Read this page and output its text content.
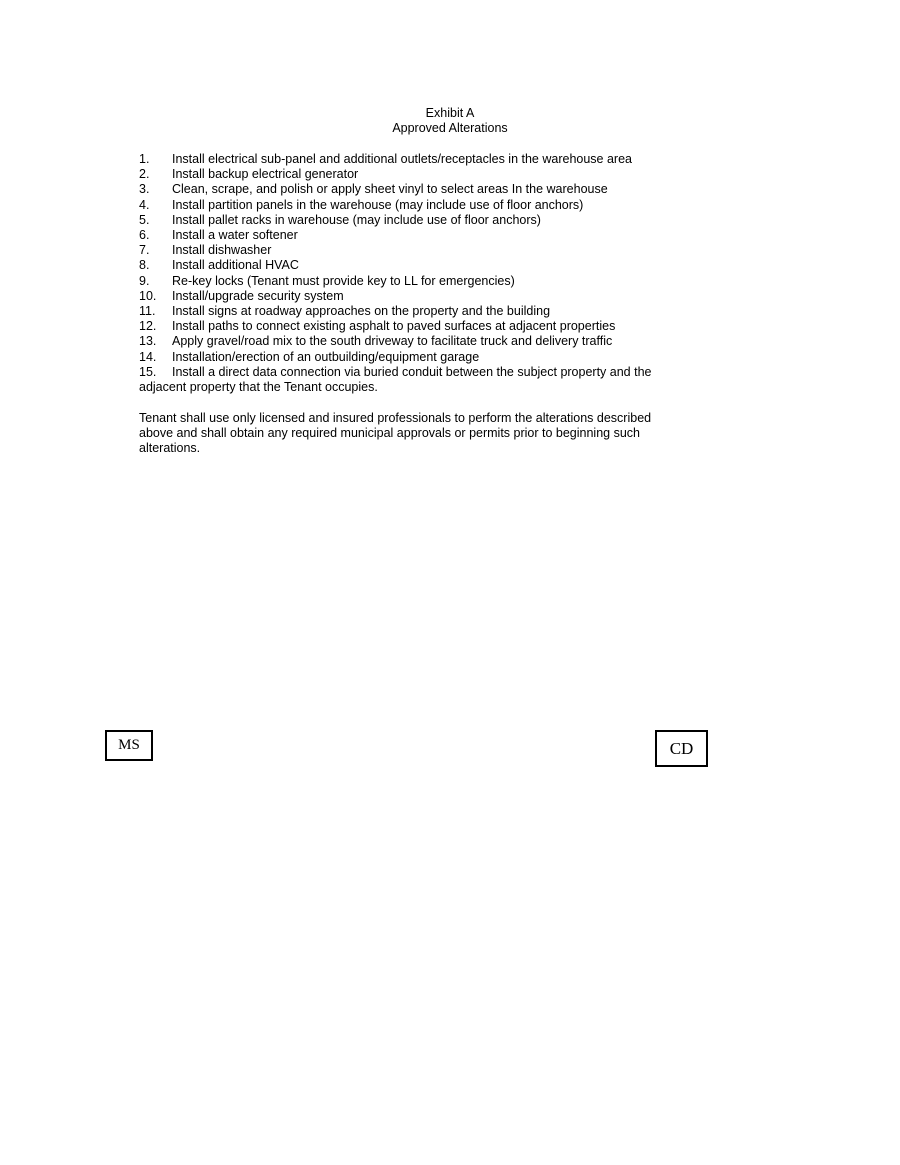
Exhibit A
Approved Alterations
1. Install electrical sub-panel and additional outlets/receptacles in the warehouse area
2. Install backup electrical generator
3. Clean, scrape, and polish or apply sheet vinyl to select areas In the warehouse
4. Install partition panels in the warehouse (may include use of floor anchors)
5. Install pallet racks in warehouse (may include use of floor anchors)
6. Install a water softener
7. Install dishwasher
8. Install additional HVAC
9. Re-key locks (Tenant must provide key to LL for emergencies)
10. Install/upgrade security system
11. Install signs at roadway approaches on the property and the building
12. Install paths to connect existing asphalt to paved surfaces at adjacent properties
13. Apply gravel/road mix to the south driveway to facilitate truck and delivery traffic
14. Installation/erection of an outbuilding/equipment garage
15. Install a direct data connection via buried conduit between the subject property and the adjacent property that the Tenant occupies.

Tenant shall use only licensed and insured professionals to perform the alterations described above and shall obtain any required municipal approvals or permits prior to beginning such alterations.

MS	CD
